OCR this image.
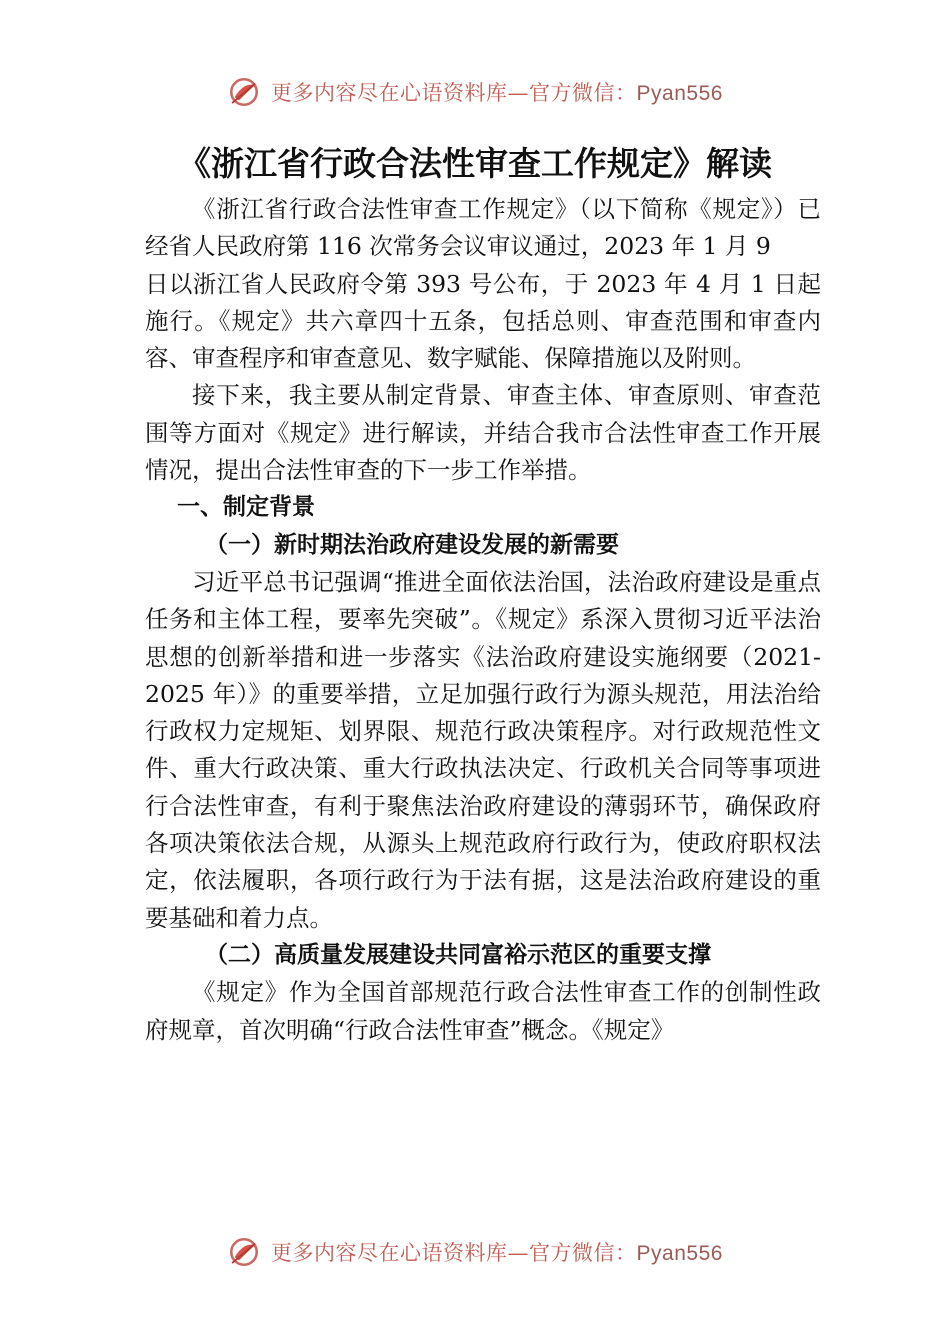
更多内容尽在心语资料库—官方微信：Pyan556
《浙江省行政合法性审查工作规定》解读

《浙江省行政合法性审查工作规定》（以下简称《规定》）已经省人民政府第 116 次常务会议审议通过，2023 年 1 月 9

日以浙江省人民政府令第 393 号公布，于 2023 年 4 月 1 日起施行。《规定》共六章四十五条，包括总则、审查范围和审查内容、审查程序和审查意见、数字赋能、保障措施以及附则。

接下来，我主要从制定背景、审查主体、审查原则、审查范围等方面对《规定》进行解读，并结合我市合法性审查工作开展情况，提出合法性审查的下一步工作举措。

一、制定背景

（一）新时期法治政府建设发展的新需要

习近平总书记强调“推进全面依法治国，法治政府建设是重点任务和主体工程，要率先突破”。《规定》系深入贯彻习近平法治思想的创新举措和进一步落实《法治政府建设实施纲要（2021-2025 年）》的重要举措，立足加强行政行为源头规范，用法治给行政权力定规矩、划界限、规范行政决策程序。对行政规范性文件、重大行政决策、重大行政执法决定、行政机关合同等事项进行合法性审查，有利于聚焦法治政府建设的薄弱环节，确保政府各项决策依法合规，从源头上规范政府行政行为，使政府职权法定，依法履职，各项行政行为于法有据，这是法治政府建设的重要基础和着力点。

（二）高质量发展建设共同富裕示范区的重要支撑

《规定》作为全国首部规范行政合法性审查工作的创制性政府规章，首次明确“行政合法性审查”概念。《规定》

更多内容尽在心语资料库—官方微信：Pyan556
